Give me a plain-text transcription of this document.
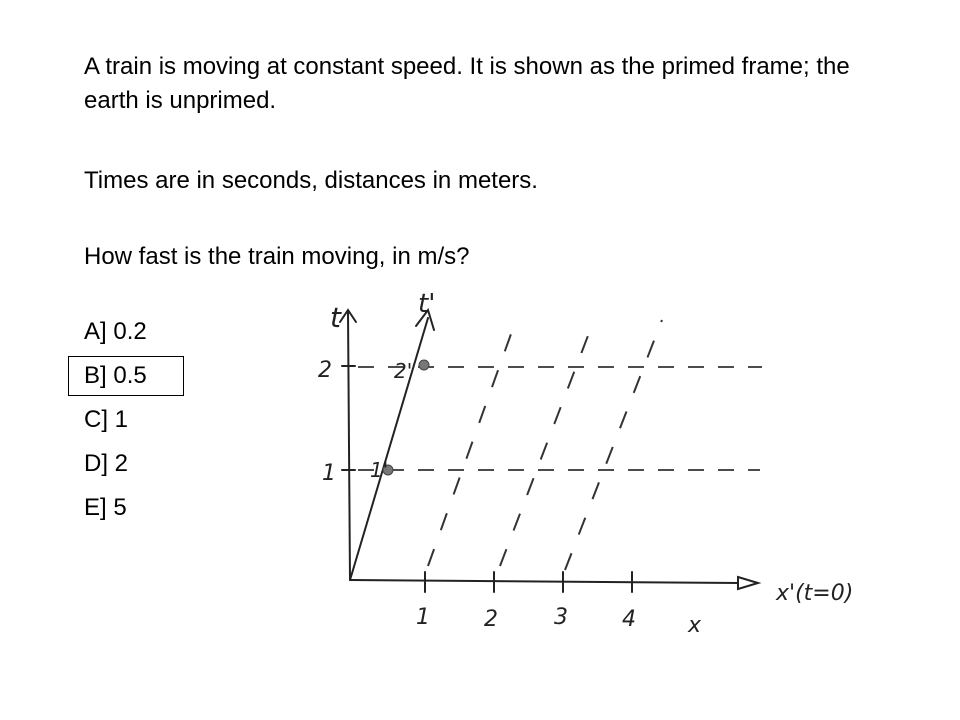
A train is moving at constant speed. It is shown as the primed frame; the earth is unprimed.

Times are in seconds, distances in meters.

How fast is the train moving, in m/s?

A] 0.2
B] 0.5
C] 1
D] 2
E] 5
t	t'
1
2
1'
2'
1 2	3 4 x
x'(t=0)
